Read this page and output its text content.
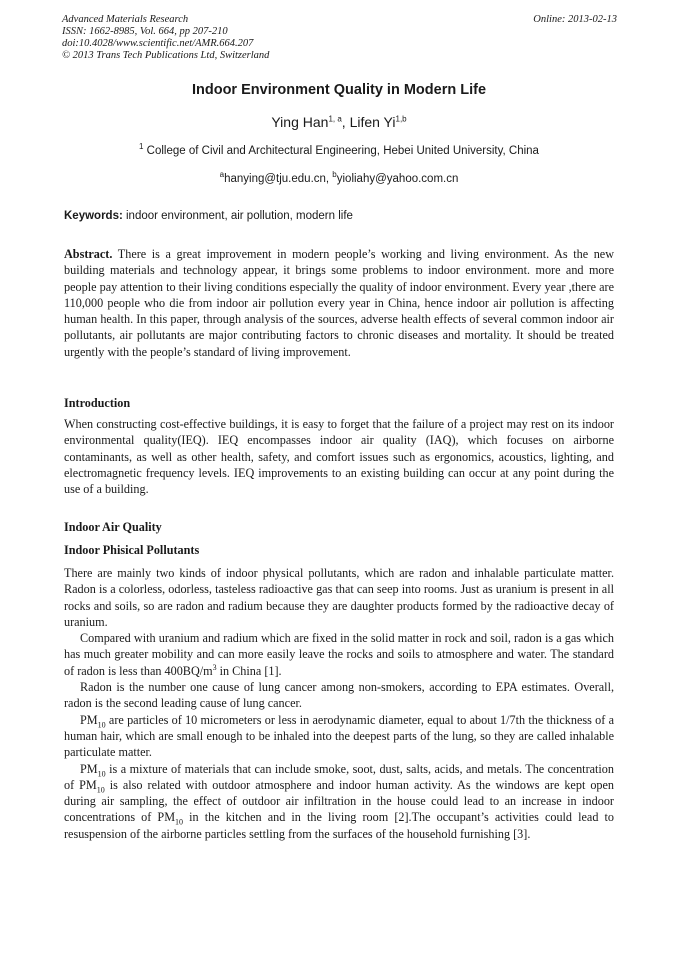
Advanced Materials Research
ISSN: 1662-8985, Vol. 664, pp 207-210
doi:10.4028/www.scientific.net/AMR.664.207
© 2013 Trans Tech Publications Ltd, Switzerland
Online: 2013-02-13
Indoor Environment Quality in Modern Life
Ying Han$^{1, a}$, Lifen Yi$^{1,b}$
$^1$ College of Civil and Architectural Engineering, Hebei United University, China
$^a$hanying@tju.edu.cn, $^b$yioliahy@yahoo.com.cn
Keywords: indoor environment, air pollution, modern life
Abstract. There is a great improvement in modern people’s working and living environment. As the new building materials and technology appear, it brings some problems to indoor environment. more and more people pay attention to their living conditions especially the quality of indoor environment. Every year ,there are 110,000 people who die from indoor air pollution every year in China, hence indoor air pollution is affecting human health. In this paper, through analysis of the sources, adverse health effects of several common indoor air pollutants, air pollutants are major contributing factors to chronic diseases and mortality. It should be treated urgently with the people’s standard of living improvement.
Introduction
When constructing cost-effective buildings, it is easy to forget that the failure of a project may rest on its indoor environmental quality(IEQ). IEQ encompasses indoor air quality (IAQ), which focuses on airborne contaminants, as well as other health, safety, and comfort issues such as ergonomics, acoustics, lighting, and electromagnetic frequency levels. IEQ improvements to an existing building can occur at any point during the use of a building.
Indoor Air Quality
Indoor Phisical Pollutants

There are mainly two kinds of indoor physical pollutants, which are radon and inhalable particulate matter. Radon is a colorless, odorless, tasteless radioactive gas that can seep into rooms. Just as uranium is present in all rocks and soils, so are radon and radium because they are daughter products formed by the radioactive decay of uranium.

Compared with uranium and radium which are fixed in the solid matter in rock and soil, radon is a gas which has much greater mobility and can more easily leave the rocks and soils to atmosphere and water. The standard of radon is less than $400BQ/m^3$ in China [1].

Radon is the number one cause of lung cancer among non-smokers, according to EPA estimates. Overall, radon is the second leading cause of lung cancer.

$PM_{10}$ are particles of 10 micrometers or less in aerodynamic diameter, equal to about 1/7th the thickness of a human hair, which are small enough to be inhaled into the deepest parts of the lung, so they are called inhalable particulate matter.

$PM_{10}$ is a mixture of materials that can include smoke, soot, dust, salts, acids, and metals. The concentration of $PM_{10}$ is also related with outdoor atmosphere and indoor human activity. As the windows are kept open during air sampling, the effect of outdoor air infiltration in the house could lead to an increase in indoor concentrations of $PM_{10}$ in the kitchen and in the living room [2].The occupant’s activities could lead to resuspension of the airborne particles settling from the surfaces of the household furnishing [3].
